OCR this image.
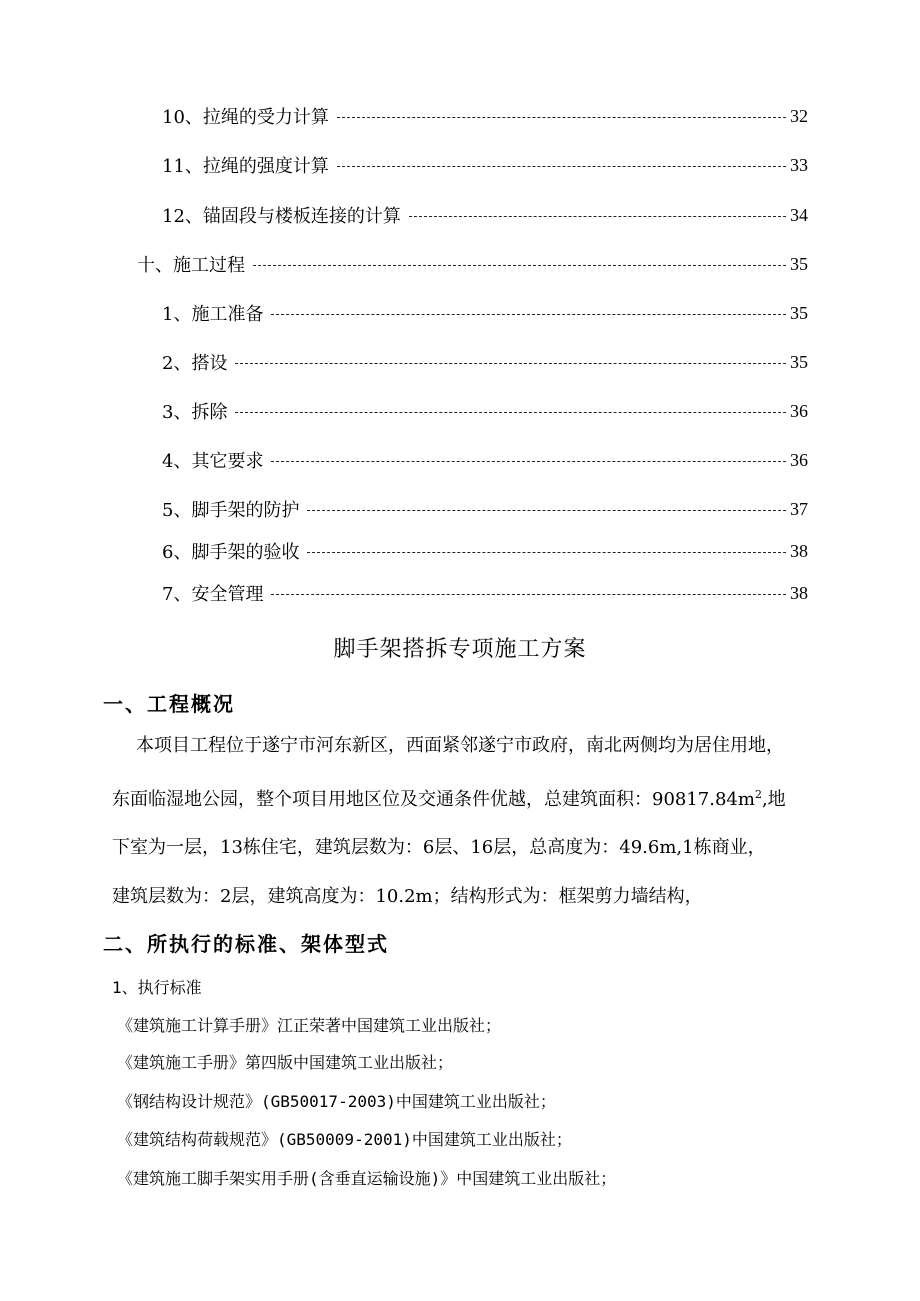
10、拉绳的受力计算	32
11、拉绳的强度计算	33
12、锚固段与楼板连接的计算	34
十、施工过程	35
1、施工准备	35
2、搭设	35
3、拆除	36
4、其它要求	36
5、脚手架的防护	37
6、脚手架的验收	38
7、安全管理	38
脚手架搭拆专项施工方案
一、工程概况
本项目工程位于遂宁市河东新区，西面紧邻遂宁市政府，南北两侧均为居住用地，
东面临湿地公园，整个项目用地区位及交通条件优越，总建筑面积：$90817.84m^2$,地
下室为一层，13栋住宅，建筑层数为：6层、16层，总高度为：49.6m,1栋商业，
建筑层数为：2层，建筑高度为：10.2m；结构形式为：框架剪力墙结构，
二、所执行的标准、架体型式
1、执行标准
《建筑施工计算手册》江正荣著中国建筑工业出版社；
《建筑施工手册》第四版中国建筑工业出版社；
《钢结构设计规范》(GB50017-2003)中国建筑工业出版社；
《建筑结构荷载规范》(GB50009-2001)中国建筑工业出版社；
《建筑施工脚手架实用手册(含垂直运输设施)》中国建筑工业出版社；
